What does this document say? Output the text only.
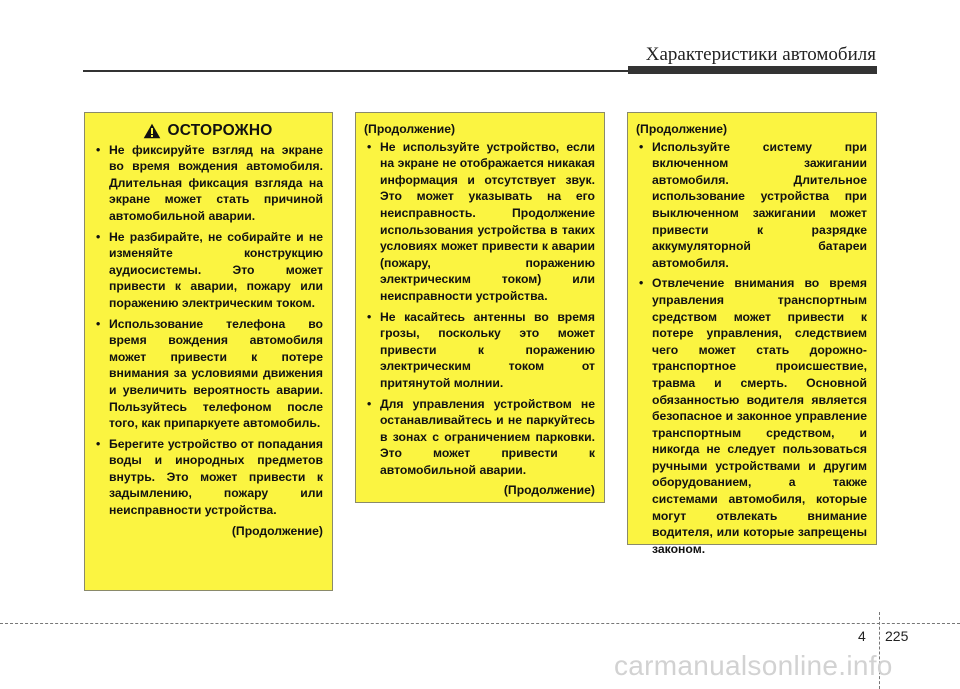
Характеристики автомобиля
ОСТОРОЖНО
• Не фиксируйте взгляд на экране во время вождения автомобиля. Длительная фиксация взгляда на экране может стать причиной автомобильной аварии.
• Не разбирайте, не собирайте и не изменяйте конструкцию аудиосистемы. Это может привести к аварии, пожару или поражению электрическим током.
• Использование телефона во время вождения автомобиля может привести к потере внимания за условиями движения и увеличить вероятность аварии. Пользуйтесь телефоном после того, как припаркуете автомобиль.
• Берегите устройство от попадания воды и инородных предметов внутрь. Это может привести к задымлению, пожару или неисправности устройства.
(Продолжение)
(Продолжение)
• Не используйте устройство, если на экране не отображается никакая информация и отсутствует звук. Это может указывать на его неисправность. Продолжение использования устройства в таких условиях может привести к аварии (пожару, поражению электрическим током) или неисправности устройства.
• Не касайтесь антенны во время грозы, поскольку это может привести к поражению электрическим током от притянутой молнии.
• Для управления устройством не останавливайтесь и не паркуйтесь в зонах с ограничением парковки. Это может привести к автомобильной аварии.
(Продолжение)
(Продолжение)
• Используйте систему при включенном зажигании автомобиля. Длительное использование устройства при выключенном зажигании может привести к разрядке аккумуляторной батареи автомобиля.
• Отвлечение внимания во время управления транспортным средством может привести к потере управления, следствием чего может стать дорожно-транспортное происшествие, травма и смерть. Основной обязанностью водителя является безопасное и законное управление транспортным средством, и никогда не следует пользоваться ручными устройствами и другим оборудованием, а также системами автомобиля, которые могут отвлекать внимание водителя, или которые запрещены законом.
4 225
carmanualsonline.info
